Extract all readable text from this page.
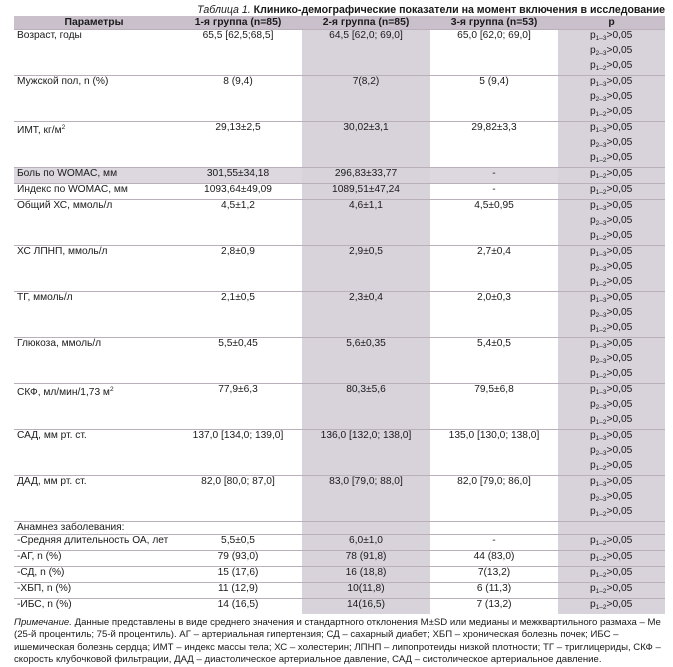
Таблица 1. Клинико-демографические показатели на момент включения в исследование
Параметры	1-я группа (n=85)	2-я группа (n=85)	3-я группа (n=53)	р
Возраст, годы	65,5 [62,5;68,5]	64,5 [62,0; 69,0]	65,0 [62,0; 69,0]	$p_{1-3}>0,05$
				$p_{2-3}>0,05$
				$p_{1-2}>0,05$
Мужской пол, n (%)	8 (9,4)	7(8,2)	5 (9,4)	$p_{1-3}>0,05$
				$p_{2-3}>0,05$
				$p_{1-2}>0,05$
ИМТ, $кг/м^2$	29,13±2,5	30,02±3,1	29,82±3,3	$p_{1-3}>0,05$
				$p_{2-3}>0,05$
				$p_{1-2}>0,05$
Боль по WOMAC, мм	301,55±34,18	296,83±33,77	-	$p_{1-2}>0,05$
Индекс по WOMAC, мм	1093,64±49,09	1089,51±47,24	-	$p_{1-2}>0,05$
Общий ХС, ммоль/л	4,5±1,2	4,6±1,1	4,5±0,95	$p_{1-3}>0,05$
				$p_{2-3}>0,05$
				$p_{1-2}>0,05$
ХС ЛПНП, ммоль/л	2,8±0,9	2,9±0,5	2,7±0,4	$p_{1-3}>0,05$
				$p_{2-3}>0,05$
				$p_{1-2}>0,05$
ТГ, ммоль/л	2,1±0,5	2,3±0,4	2,0±0,3	$p_{1-3}>0,05$
				$p_{2-3}>0,05$
				$p_{1-2}>0,05$
Глюкоза, ммоль/л	5,5±0,45	5,6±0,35	5,4±0,5	$p_{1-3}>0,05$
				$p_{2-3}>0,05$
				$p_{1-2}>0,05$
СКФ, мл/мин/1,73 $м^2$	77,9±6,3	80,3±5,6	79,5±6,8	$p_{1-3}>0,05$
				$p_{2-3}>0,05$
				$p_{1-2}>0,05$
САД, мм рт. ст.	137,0 [134,0; 139,0]	136,0 [132,0; 138,0]	135,0 [130,0; 138,0]	$p_{1-3}>0,05$
				$p_{2-3}>0,05$
				$p_{1-2}>0,05$
ДАД, мм рт. ст.	82,0 [80,0; 87,0]	83,0 [79,0; 88,0]	82,0 [79,0; 86,0]	$p_{1-3}>0,05$
				$p_{2-3}>0,05$
				$p_{1-2}>0,05$
Анамнез заболевания:				
-Средняя длительность ОА, лет	5,5±0,5	6,0±1,0	-	$p_{1-2}>0,05$
-АГ, n (%)	79 (93,0)	78 (91,8)	44 (83,0)	$p_{1-2}>0,05$
-СД, n (%)	15 (17,6)	16 (18,8)	7(13,2)	$p_{1-2}>0,05$
-ХБП, n (%)	11 (12,9)	10(11,8)	6 (11,3)	$p_{1-2}>0,05$
-ИБС, n (%)	14 (16,5)	14(16,5)	7 (13,2)	$p_{1-2}>0,05$
Примечание. Данные представлены в виде среднего значения и стандартного отклонения M±SD или медианы и межквартильного размаха – Me (25-й процентиль; 75-й процентиль). АГ – артериальная гипертензия; СД – сахарный диабет; ХБП – хроническая болезнь почек; ИБС – ишемическая болезнь сердца; ИМТ – индекс массы тела; ХС – холестерин; ЛПНП – липопротеиды низкой плотности; ТГ – триглицериды, СКФ – скорость клубочковой фильтрации, ДАД – диастолическое артериальное давление, САД – систолическое артериальное давление.
